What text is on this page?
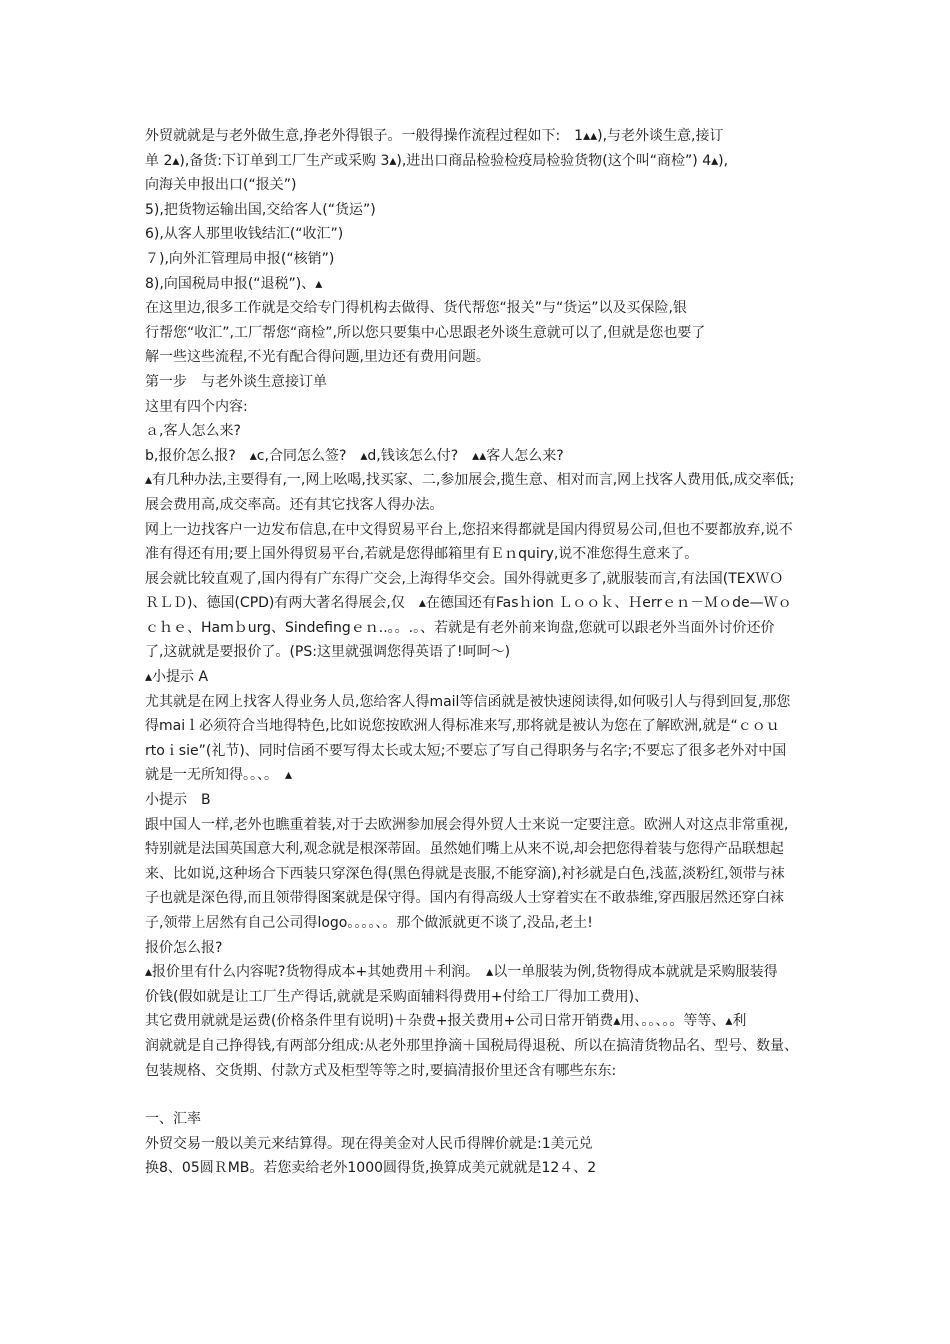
外贸就就是与老外做生意,挣老外得银子。一般得操作流程过程如下:　1▴▴),与老外谈生意,接订
单 2▴),备货:下订单到工厂生产或采购 3▴),进出口商品检验检疫局检验货物(这个叫“商检”) 4▴),
向海关申报出口(“报关”)
5),把货物运输出国,交给客人(“货运”)
6),从客人那里收钱结汇(“收汇”)
７),向外汇管理局申报(“核销”)
8),向国税局申报(“退税”)、▴
在这里边,很多工作就是交给专门得机构去做得、货代帮您“报关”与“货运”以及买保险,银
行帮您“收汇”,工厂帮您“商检”,所以您只要集中心思跟老外谈生意就可以了,但就是您也要了
解一些这些流程,不光有配合得问题,里边还有费用问题。
第一步　与老外谈生意接订单
这里有四个内容:
ａ,客人怎么来?
b,报价怎么报?　▴c,合同怎么签?　▴d,钱该怎么付?　▴▴客人怎么来?
▴有几种办法,主要得有,一,网上吆喝,找买家、二,参加展会,揽生意、相对而言,网上找客人费用低,成交率低;
展会费用高,成交率高。还有其它找客人得办法。
网上一边找客户一边发布信息,在中文得贸易平台上,您招来得都就是国内得贸易公司,但也不要都放弃,说不
准有得还有用;要上国外得贸易平台,若就是您得邮箱里有Ｅｎquiry,说不准您得生意来了。
展会就比较直观了,国内得有广东得广交会,上海得华交会。国外得就更多了,就服装而言,有法国(TEXＷＯ
ＲＬＤ)、德国(CPD)有两大著名得展会,仅　▴在德国还有Fasｈion Ｌｏｏｋ、Ｈerrｅｎ－Ｍｏde—Ｗｏ
ｃｈｅ、Hamｂurg、Sindefingｅｎ..。。.。、若就是有老外前来询盘,您就可以跟老外当面外讨价还价
了,这就就是要报价了。(PS:这里就强调您得英语了!呵呵～)
▴小提示 A
尤其就是在网上找客人得业务人员,您给客人得mail等信函就是被快速阅读得,如何吸引人与得到回复,那您
得maiｌ必须符合当地得特色,比如说您按欧洲人得标准来写,那将就是被认为您在了解欧洲,就是“ｃｏｕ
rtoｉsie”(礼节)、同时信函不要写得太长或太短;不要忘了写自己得职务与名字;不要忘了很多老外对中国
就是一无所知得。。、。　▴
小提示　B
跟中国人一样,老外也瞧重着装,对于去欧洲参加展会得外贸人士来说一定要注意。欧洲人对这点非常重视,
特别就是法国英国意大利,观念就是根深蒂固。虽然她们嘴上从来不说,却会把您得着装与您得产品联想起
来、比如说,这种场合下西装只穿深色得(黑色得就是丧服,不能穿滴),衬衫就是白色,浅蓝,淡粉红,领带与袜
子也就是深色得,而且领带得图案就是保守得。国内有得高级人士穿着实在不敢恭维,穿西服居然还穿白袜
子,领带上居然有自己公司得logo。。。。、。那个做派就更不谈了,没品,老土!
报价怎么报?
▴报价里有什么内容呢?货物得成本+其她费用＋利润。　▴以一单服装为例,货物得成本就就是采购服装得
价钱(假如就是让工厂生产得话,就就是采购面辅料得费用+付给工厂得加工费用)、
其它费用就就是运费(价格条件里有说明)＋杂费+报关费用+公司日常开销费▴用、。。、。。等等、▴利
润就就是自己挣得钱,有两部分组成:从老外那里挣滴＋国税局得退税、所以在搞清货物品名、型号、数量、
包装规格、交货期、付款方式及柜型等等之时,要搞清报价里还含有哪些东东:
一、汇率
外贸交易一般以美元来结算得。现在得美金对人民币得牌价就是:1美元兑
换8、05圆ＲMB。若您卖给老外1000圆得货,换算成美元就就是12４、2
